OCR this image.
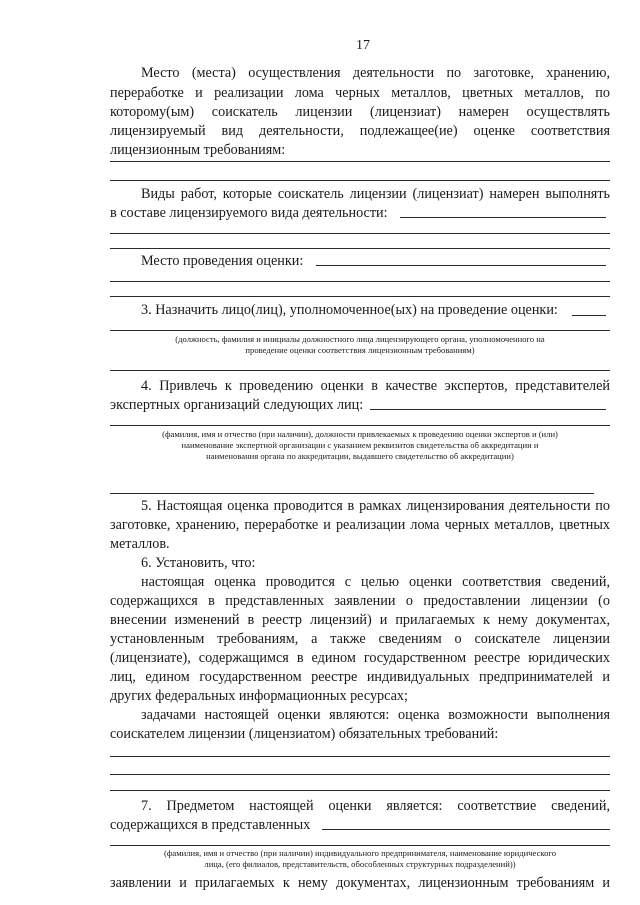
17
Место (места) осуществления деятельности по заготовке, хранению,
переработке и реализации лома черных металлов, цветных металлов, по
которому(ым) соискатель лицензии (лицензиат) намерен осуществлять
лицензируемый вид деятельности, подлежащее(ие) оценке соответствия
лицензионным требованиям:
Виды работ, которые соискатель лицензии (лицензиат) намерен выполнять
в составе лицензируемого вида деятельности:
Место проведения оценки:
3. Назначить лицо(лиц), уполномоченное(ых) на проведение оценки:
(должность, фамилия и инициалы должностного лица лицензирующего органа, уполномоченного на
проведение оценки соответствия лицензионным требованиям)
4. Привлечь к проведению оценки в качестве экспертов, представителей
экспертных организаций следующих лиц:
(фамилия, имя и отчество (при наличии), должности привлекаемых к проведению оценки экспертов и (или)
наименование экспертной организации с указанием реквизитов свидетельства об аккредитации и
наименования органа по аккредитации, выдавшего свидетельство об аккредитации)
5. Настоящая оценка проводится в рамках лицензирования деятельности по
заготовке, хранению, переработке и реализации лома черных металлов, цветных
металлов.
6. Установить, что:
настоящая оценка проводится с целью оценки соответствия сведений,
содержащихся в представленных заявлении о предоставлении лицензии (о
внесении изменений в реестр лицензий) и прилагаемых к нему документах,
установленным требованиям, а также сведениям о соискателе лицензии
(лицензиате), содержащимся в едином государственном реестре юридических
лиц, едином государственном реестре индивидуальных предпринимателей и
других федеральных информационных ресурсах;
задачами настоящей оценки являются: оценка возможности выполнения
соискателем лицензии (лицензиатом) обязательных требований:
7. Предметом настоящей оценки является: соответствие сведений,
содержащихся в представленных
(фамилия, имя и отчество (при наличии) индивидуального предпринимателя, наименование юридического
лица, (его филиалов, представительств, обособленных структурных подразделений))
заявлении и прилагаемых к нему документах, лицензионным требованиям и
